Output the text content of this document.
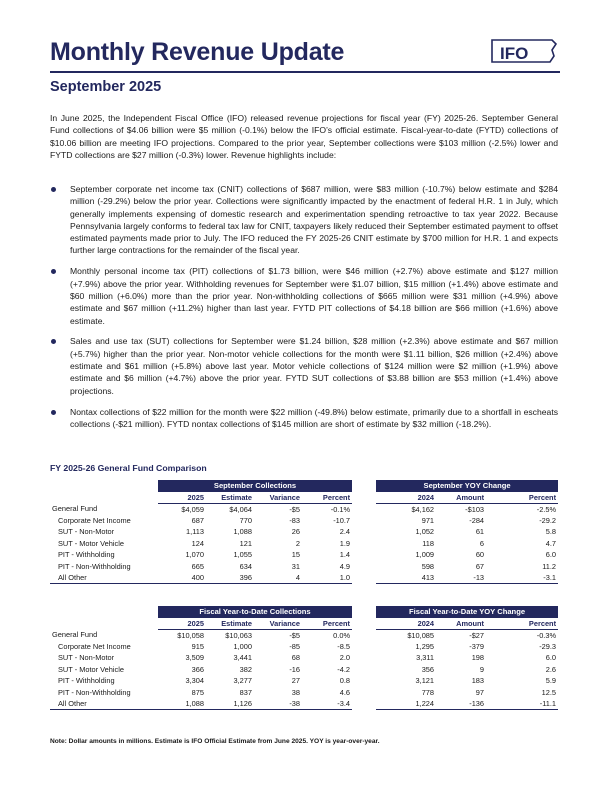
Monthly Revenue Update	IFO
September 2025

In June 2025, the Independent Fiscal Office (IFO) released revenue projections for fiscal year (FY) 2025-26. September General Fund collections of $4.06 billion were $5 million (-0.1%) below the IFO’s official estimate. Fiscal-year-to-date (FYTD) collections of $10.06 billion are meeting IFO projections. Compared to the prior year, September collections were $103 million (-2.5%) lower and FYTD collections are $27 million (-0.3%) lower. Revenue highlights include:

September corporate net income tax (CNIT) collections of $687 million, were $83 million (-10.7%) below estimate and $284 million (-29.2%) below the prior year. Collections were significantly impacted by the enactment of federal H.R. 1 in July, which generally implements expensing of domestic research and experimentation spending retroactive to tax year 2022. Because Pennsylvania largely conforms to federal tax law for CNIT, taxpayers likely reduced their September estimated payment to offset estimated payments made prior to July. The IFO reduced the FY 2025-26 CNIT estimate by $700 million for H.R. 1 and expects further large contractions for the remainder of the fiscal year.
Monthly personal income tax (PIT) collections of $1.73 billion, were $46 million (+2.7%) above estimate and $127 million (+7.9%) above the prior year. Withholding revenues for September were $1.07 billion, $15 million (+1.4%) above estimate and $60 million (+6.0%) more than the prior year. Non-withholding collections of $665 million were $31 million (+4.9%) above estimate and $67 million (+11.2%) higher than last year. FYTD PIT collections of $4.18 billion are $66 million (+1.6%) above estimate.
Sales and use tax (SUT) collections for September were $1.24 billion, $28 million (+2.3%) above estimate and $67 million (+5.7%) higher than the prior year. Non-motor vehicle collections for the month were $1.11 billion, $26 million (+2.4%) above estimate and $61 million (+5.8%) above last year. Motor vehicle collections of $124 million were $2 million (+1.9%) above estimate and $6 million (+4.7%) above the prior year. FYTD SUT collections of $3.88 billion are $53 million (+1.4%) above projections.
Nontax collections of $22 million for the month were $22 million (-49.8%) below estimate, primarily due to a shortfall in escheats collections (-$21 million). FYTD nontax collections of $145 million are short of estimate by $32 million (-18.2%).
FY 2025-26 General Fund Comparison
	September Collections					September YOY Change		
	2025	Estimate	Variance	Percent		2024	Amount	Percent
General Fund	$4,059	$4,064	-$5	-0.1%		$4,162	-$103	-2.5%
Corporate Net Income	687	770	-83	-10.7		971	-284	-29.2
SUT - Non-Motor	1,113	1,088	26	2.4		1,052	61	5.8
SUT - Motor Vehicle	124	121	2	1.9		118	6	4.7
PIT - Withholding	1,070	1,055	15	1.4		1,009	60	6.0
PIT - Non-Withholding	665	634	31	4.9		598	67	11.2
All Other	400	396	4	1.0		413	-13	-3.1
	Fiscal Year-to-Date Collections					Fiscal Year-to-Date YOY Change		
	2025	Estimate	Variance	Percent		2024	Amount	Percent
General Fund	$10,058	$10,063	-$5	0.0%		$10,085	-$27	-0.3%
Corporate Net Income	915	1,000	-85	-8.5		1,295	-379	-29.3
SUT - Non-Motor	3,509	3,441	68	2.0		3,311	198	6.0
SUT - Motor Vehicle	366	382	-16	-4.2		356	9	2.6
PIT - Withholding	3,304	3,277	27	0.8		3,121	183	5.9
PIT - Non-Withholding	875	837	38	4.6		778	97	12.5
All Other	1,088	1,126	-38	-3.4		1,224	-136	-11.1
Note: Dollar amounts in millions. Estimate is IFO Official Estimate from June 2025. YOY is year-over-year.
